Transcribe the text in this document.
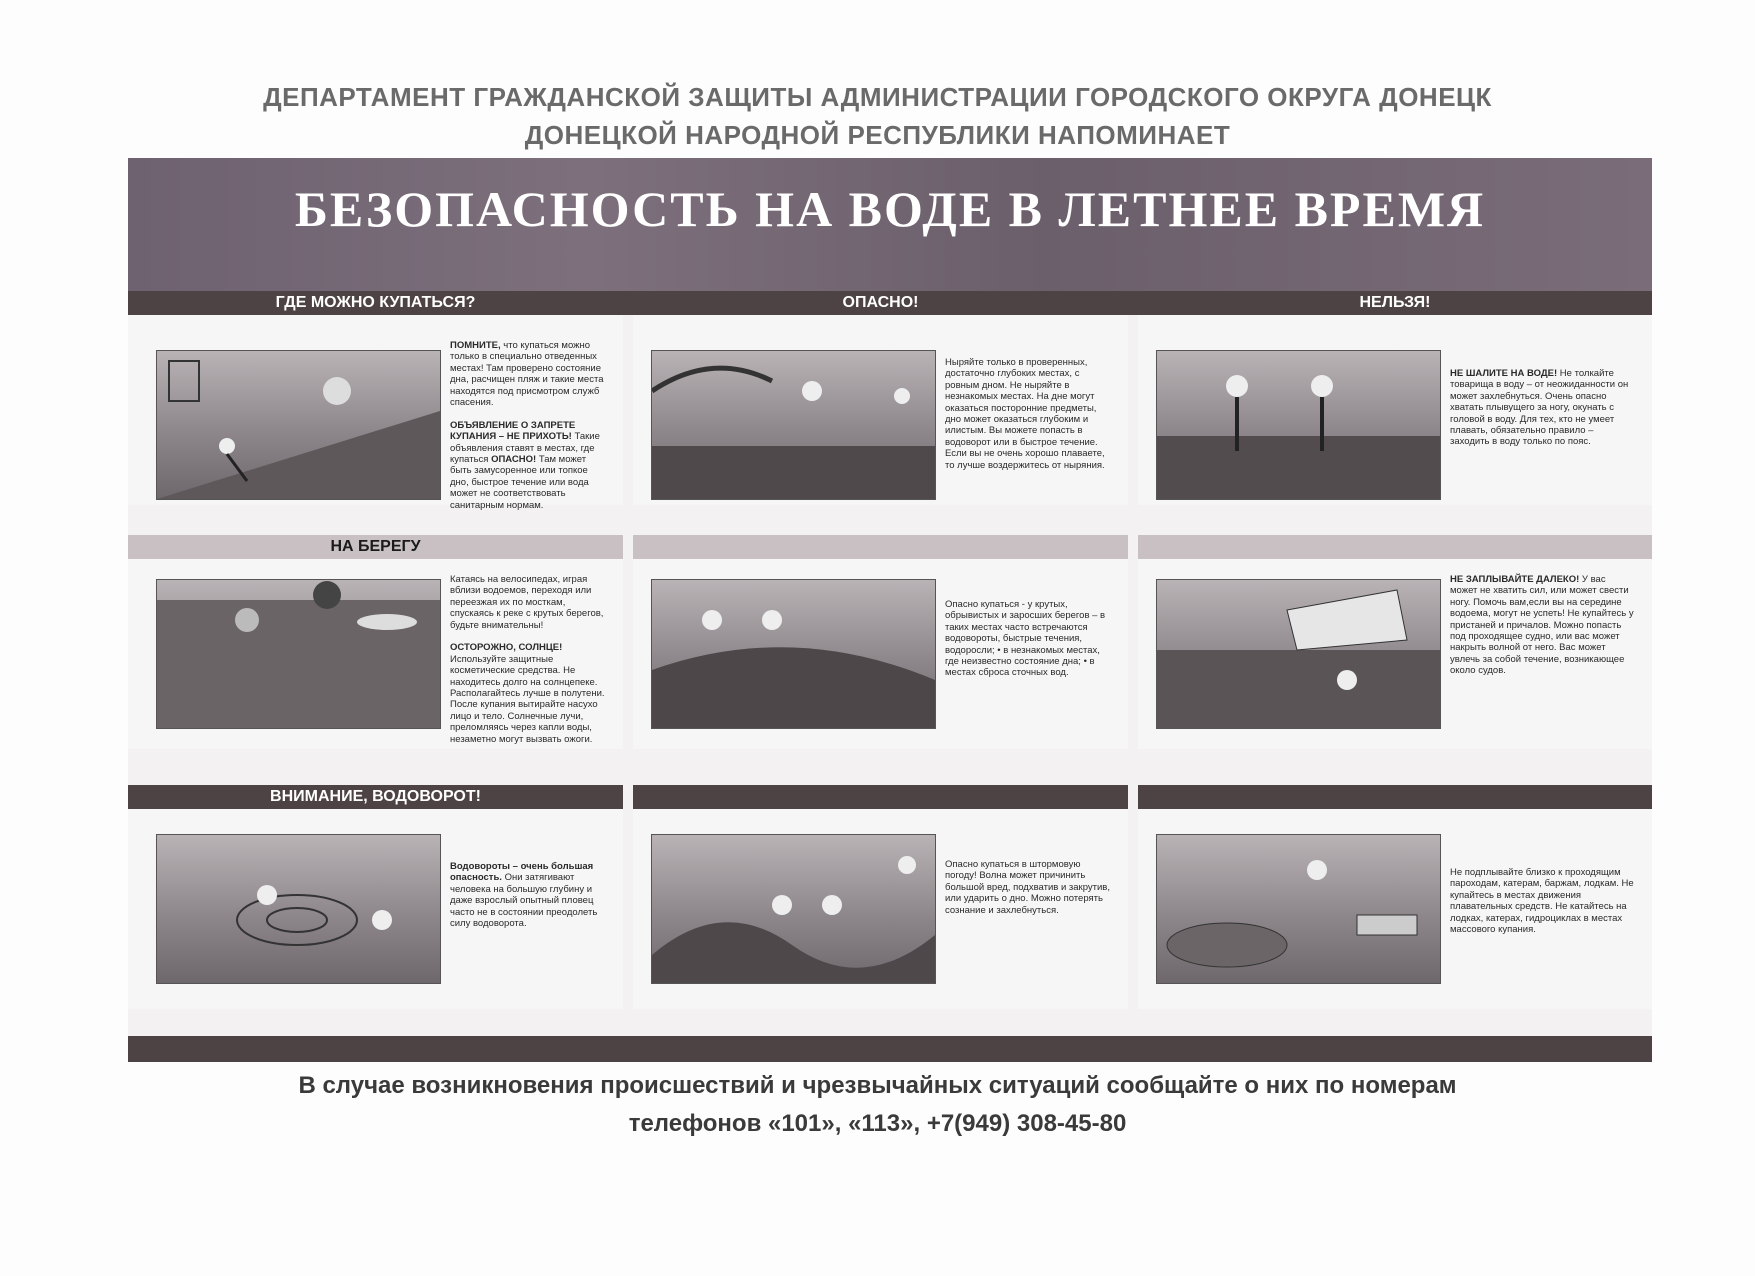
ДЕПАРТАМЕНТ ГРАЖДАНСКОЙ ЗАЩИТЫ АДМИНИСТРАЦИИ ГОРОДСКОГО ОКРУГА ДОНЕЦК
ДОНЕЦКОЙ НАРОДНОЙ РЕСПУБЛИКИ НАПОМИНАЕТ
БЕЗОПАСНОСТЬ НА ВОДЕ В ЛЕТНЕЕ ВРЕМЯ
ГДЕ МОЖНО КУПАТЬСЯ?	ОПАСНО!	НЕЛЬЗЯ!
ПОМНИТЕ, что купаться можно только в специально отведенных местах! Там проверено состояние дна, расчищен пляж и такие места находятся под присмотром служб спасения.

ОБЪЯВЛЕНИЕ О ЗАПРЕТЕ КУПАНИЯ – НЕ ПРИХОТЬ! Такие объявления ставят в местах, где купаться ОПАСНО! Там может быть замусоренное или топкое дно, быстрое течение или вода может не соответствовать санитарным нормам.
Ныряйте только в проверенных, достаточно глубоких местах, с ровным дном. Не ныряйте в незнакомых местах. На дне могут оказаться посторонние предметы, дно может оказаться глубоким и илистым. Вы можете попасть в водоворот или в быстрое течение. Если вы не очень хорошо плаваете, то лучше воздержитесь от ныряния.
НЕ ШАЛИТЕ НА ВОДЕ! Не толкайте товарища в воду – от неожиданности он может захлебнуться. Очень опасно хватать плывущего за ногу, окунать с головой в воду. Для тех, кто не умеет плавать, обязательно правило – заходить в воду только по пояс.
НА БЕРЕГУ
Катаясь на велосипедах, играя вблизи водоемов, переходя или переезжая их по мосткам, спускаясь к реке с крутых берегов, будьте внимательны!

ОСТОРОЖНО, СОЛНЦЕ! Используйте защитные косметические средства. Не находитесь долго на солнцепеке. Располагайтесь лучше в полутени. После купания вытирайте насухо лицо и тело. Солнечные лучи, преломляясь через капли воды, незаметно могут вызвать ожоги.
Опасно купаться - у крутых, обрывистых и заросших берегов – в таких местах часто встречаются водовороты, быстрые течения, водоросли; • в незнакомых местах, где неизвестно состояние дна; • в местах сброса сточных вод.
НЕ ЗАПЛЫВАЙТЕ ДАЛЕКО! У вас может не хватить сил, или может свести ногу. Помочь вам,если вы на середине водоема, могут не успеть! Не купайтесь у пристаней и причалов. Можно попасть под проходящее судно, или вас может накрыть волной от него. Вас может увлечь за собой течение, возникающее около судов.
ВНИМАНИЕ, ВОДОВОРОТ!
Водовороты – очень большая опасность. Они затягивают человека на большую глубину и даже взрослый опытный пловец часто не в состоянии преодолеть силу водоворота.
Опасно купаться в штормовую погоду! Волна может причинить большой вред, подхватив и закрутив, или ударить о дно. Можно потерять сознание и захлебнуться.
Не подплывайте близко к проходящим пароходам, катерам, баржам, лодкам. Не купайтесь в местах движения плавательных средств. Не катайтесь на лодках, катерах, гидроциклах в местах массового купания.
В случае возникновения происшествий и чрезвычайных ситуаций сообщайте о них по номерам
телефонов «101», «113», +7(949) 308-45-80
